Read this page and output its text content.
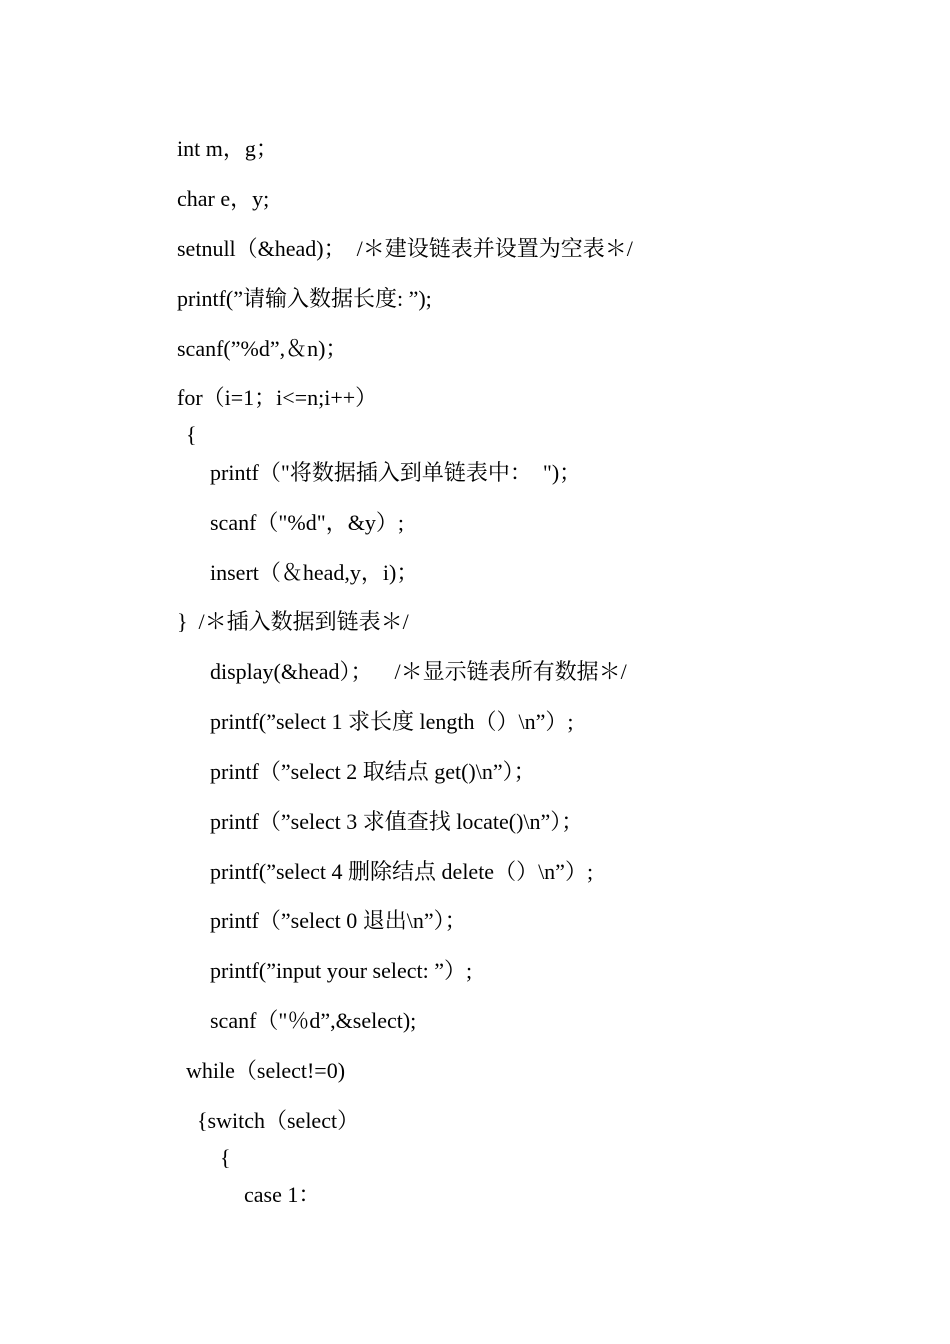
int m，g；
char e，y;
setnull（&head)；  /＊建设链表并设置为空表＊/
printf(”请输入数据长度: ”);
scanf(”%d”,＆n)；
for（i=1；i<=n;i++）
{
printf（"将数据插入到单链表中：  ")；
scanf（"%d"，&y）;
insert（＆head,y，i)；
}  /＊插入数据到链表＊/
display(&head）；    /＊显示链表所有数据＊/
printf(”select 1 求长度 length（）\n”）;
printf（”select 2 取结点 get()\n”）；
printf（”select 3 求值查找 locate()\n”）；
printf(”select 4 删除结点 delete（）\n”）;
printf（”select 0 退出\n”）；
printf(”input your select: ”）;
scanf（"％d”,&select);
while（select!=0)
{switch（select）
{
case 1：
